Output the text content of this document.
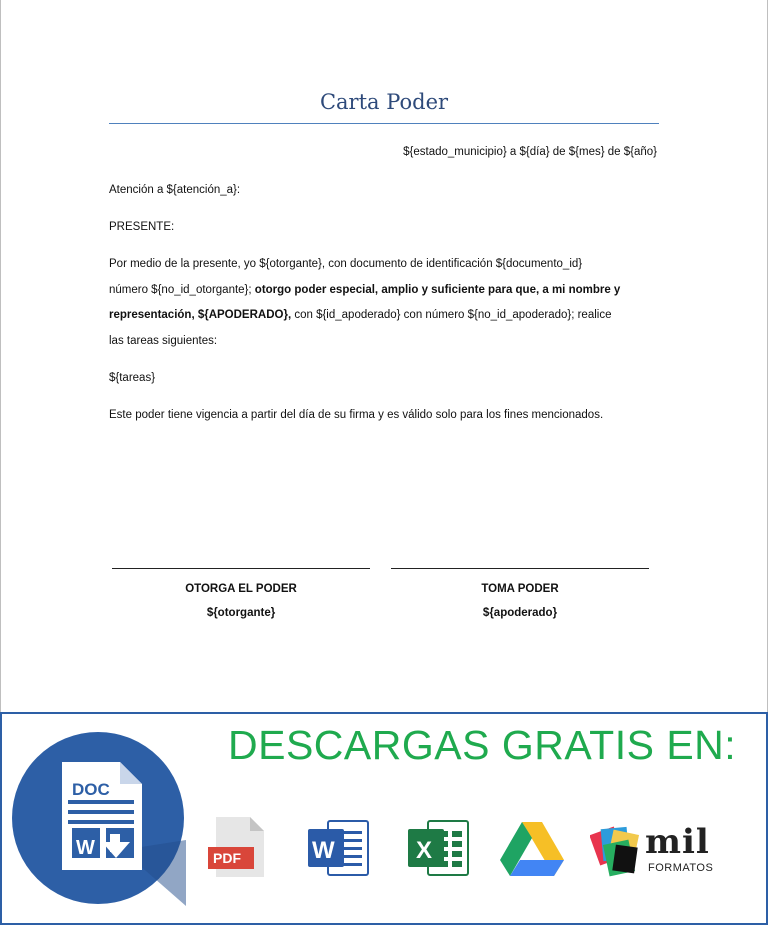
Carta Poder
${estado_municipio} a ${día} de ${mes} de ${año}
Atención a ${atención_a}:
PRESENTE:
Por medio de la presente, yo ${otorgante}, con documento de identificación ${documento_id}
número ${no_id_otorgante}; otorgo poder especial, amplio y suficiente para que, a mi nombre y
representación, ${APODERADO}, con ${id_apoderado} con número ${no_id_apoderado}; realice
las tareas siguientes:
${tareas}
Este poder tiene vigencia a partir del día de su firma y es válido solo para los fines mencionados.
OTORGA EL PODER
${otorgante}
TOMA PODER
${apoderado}
DESCARGAS GRATIS EN:
DOC
W	PDF	W	X	mil
FORMATOS
